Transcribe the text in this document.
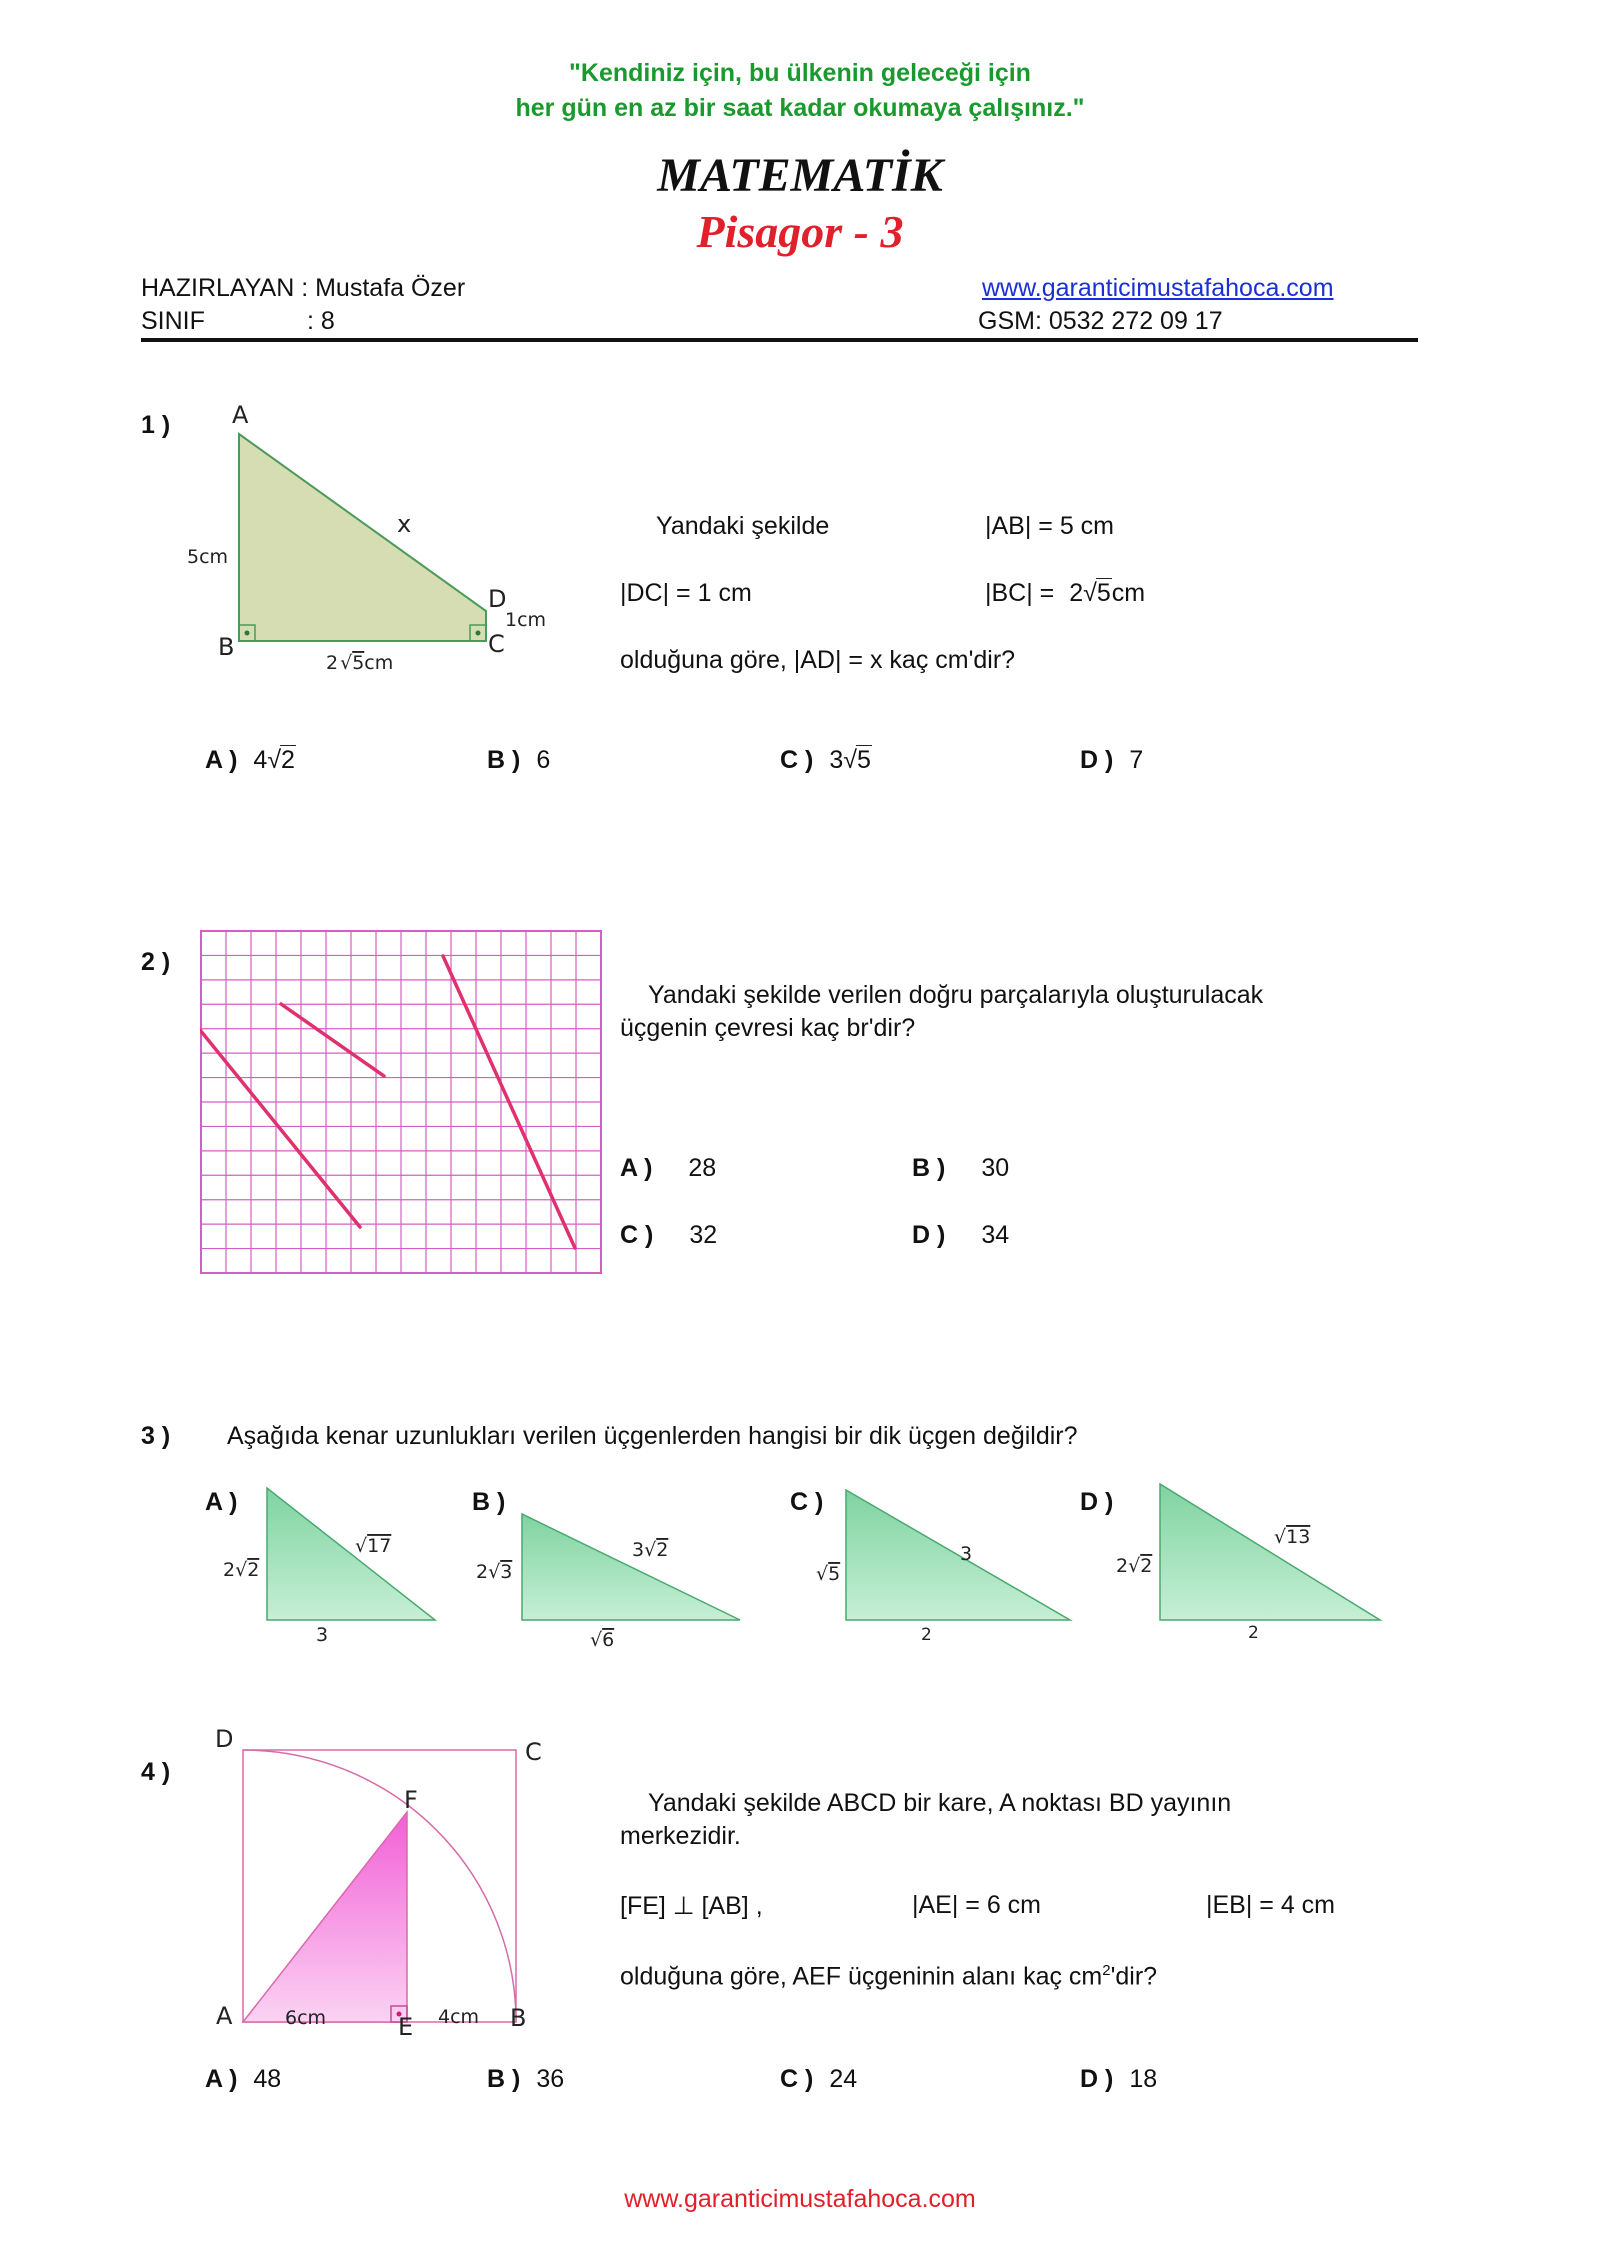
"Kendiniz için, bu ülkenin geleceği için
her gün en az bir saat kadar okumaya çalışınız."
MATEMATİK
Pisagor - 3
HAZIRLAYAN : Mustafa Özer
SINIF	: 8
www.garanticimustafahoca.com
GSM: 0532 272 09 17
1 )	A
B	C
D
x
5cm
1cm
2 √5cm
Yandaki şekilde	|AB| = 5 cm
|DC| = 1 cm	|BC| = 2√5cm
olduğuna göre, |AD| = x kaç cm'dir?
A ) 4√2	B ) 6	C ) 3√5	D ) 7
2 )
Yandaki şekilde verilen doğru parçalarıyla oluşturulacak
üçgenin çevresi kaç br'dir?
A ) 28	B ) 30
C ) 32	D ) 34
3 ) Aşağıda kenar uzunlukları verilen üçgenlerden hangisi bir dik üçgen değildir?
A )
2√2
√17
3
B )
2√3
3√2
√6
C )
√5
3
2
D )
2√2
√13
2
4 )
D	C
F
A	E	B
6cm	4cm
Yandaki şekilde ABCD bir kare, A noktası BD yayının
merkezidir.
[FE] ⊥ [AB] ,	|AE| = 6 cm	|EB| = 4 cm
olduğuna göre, AEF üçgeninin alanı kaç $cm^2'dir$?
A ) 48	B ) 36	C ) 24	D ) 18
www.garanticimustafahoca.com
